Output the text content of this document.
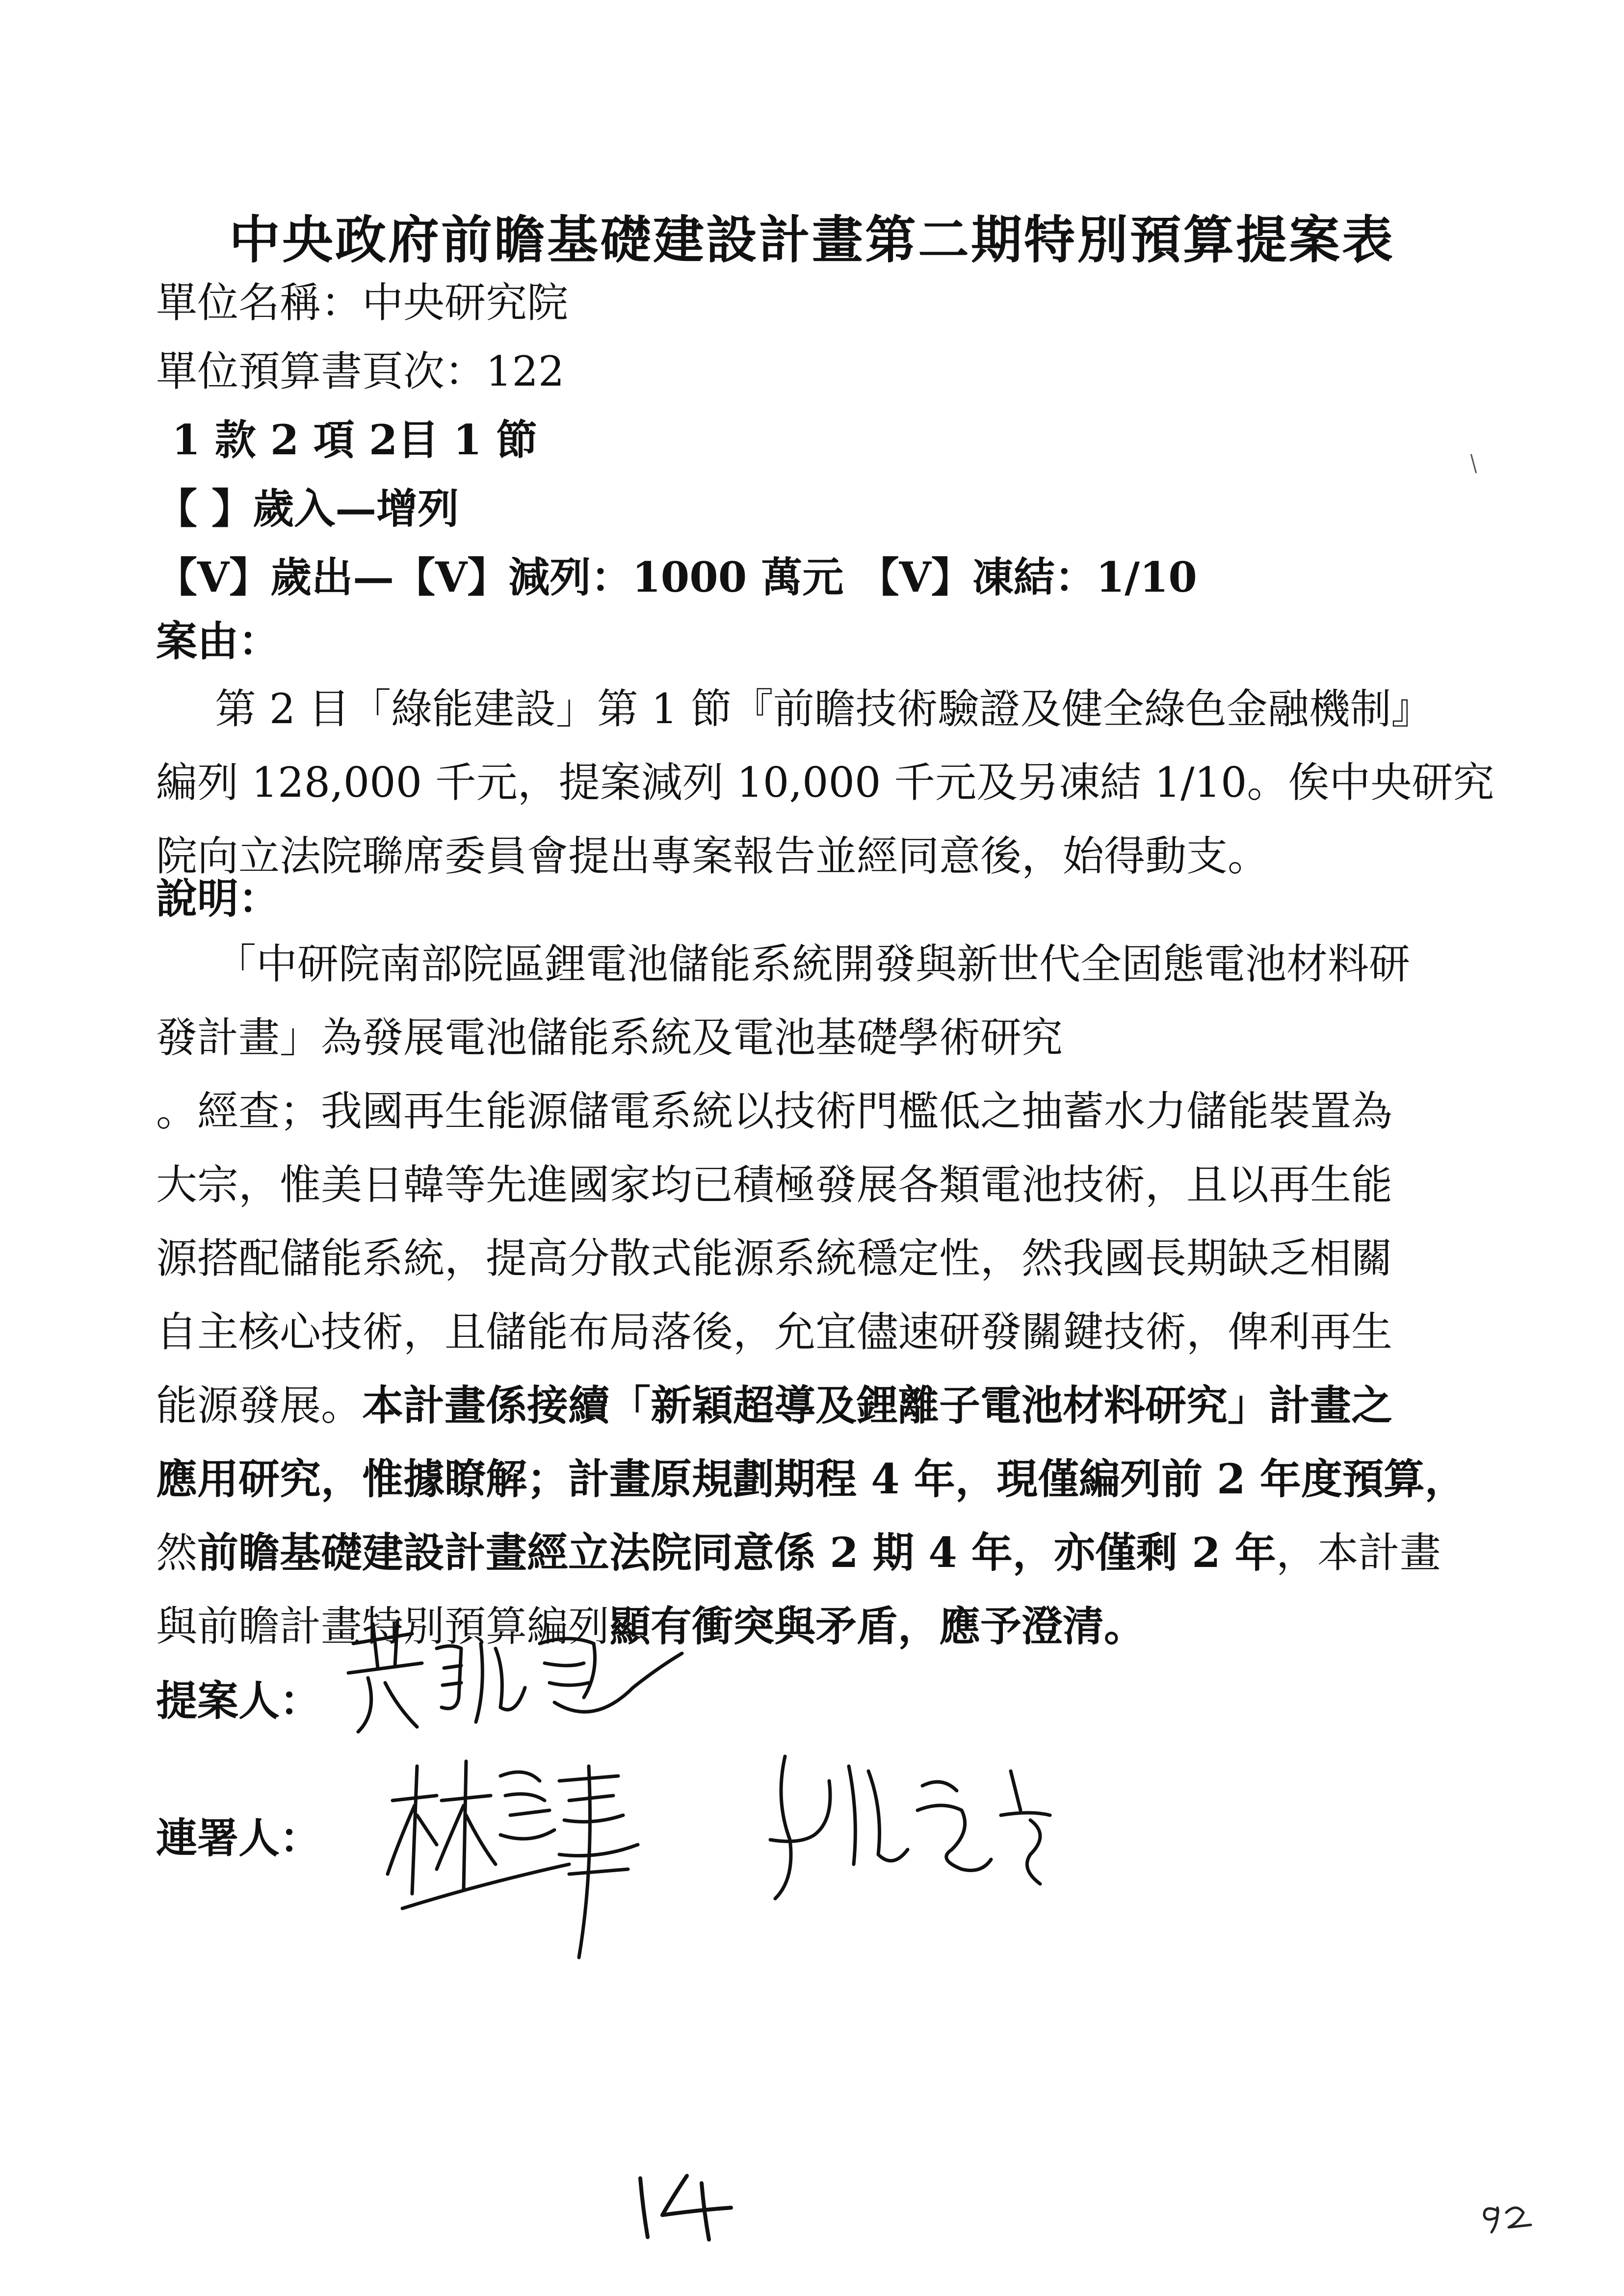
中央政府前瞻基礎建設計畫第二期特別預算提案表
單位名稱：中央研究院
單位預算書頁次：122
1 款 2 項 2目 1 節
【 】歲入—增列
【V】歲出—【V】減列：1000 萬元 【V】凍結：1/10
案由：
第 2 目「綠能建設」第 1 節『前瞻技術驗證及健全綠色金融機制』
編列 128,000 千元，提案減列 10,000 千元及另凍結 1/10。俟中央研究
院向立法院聯席委員會提出專案報告並經同意後，始得動支。
說明：
「中研院南部院區鋰電池儲能系統開發與新世代全固態電池材料研
發計畫」為發展電池儲能系統及電池基礎學術研究
。經查；我國再生能源儲電系統以技術門檻低之抽蓄水力儲能裝置為
大宗，惟美日韓等先進國家均已積極發展各類電池技術，且以再生能
源搭配儲能系統，提高分散式能源系統穩定性，然我國長期缺乏相關
自主核心技術，且儲能布局落後，允宜儘速研發關鍵技術，俾利再生
能源發展。本計畫係接續「新穎超導及鋰離子電池材料研究」計畫之
應用研究，惟據瞭解；計畫原規劃期程 4 年，現僅編列前 2 年度預算，
然前瞻基礎建設計畫經立法院同意係 2 期 4 年，亦僅剩 2 年，本計畫
與前瞻計畫特別預算編列顯有衝突與矛盾，應予澄清。
提案人：
連署人：
